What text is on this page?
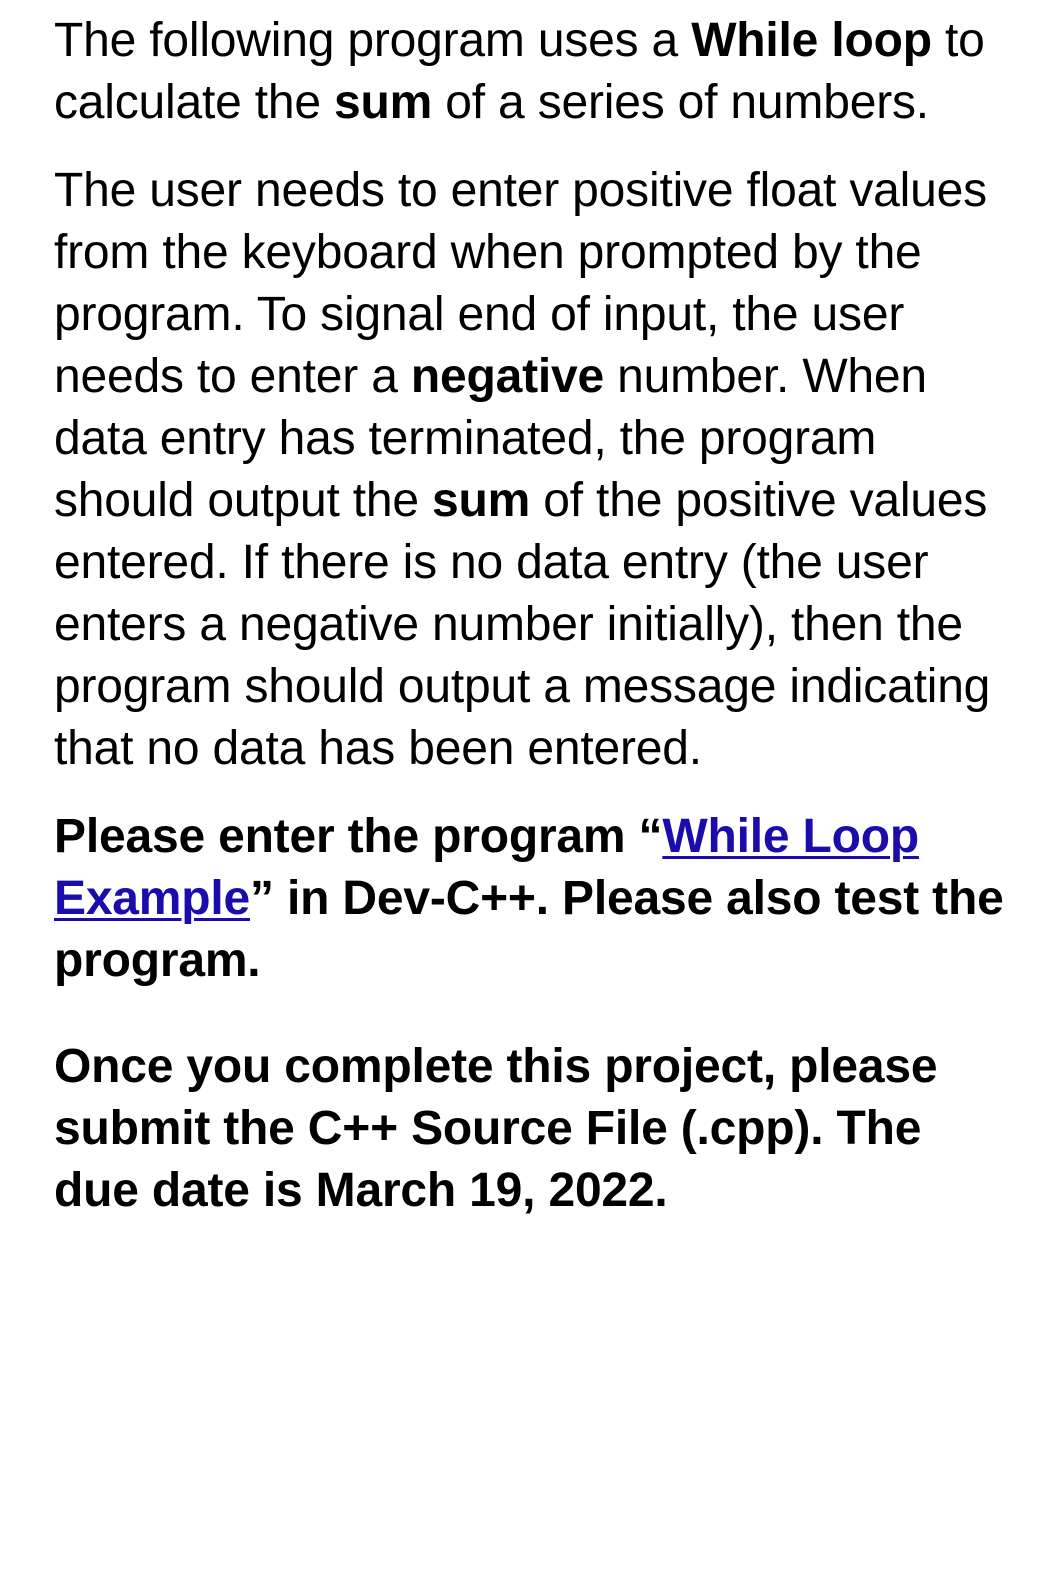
The following program uses a While loop to calculate the sum of a series of numbers.

The user needs to enter positive float values from the keyboard when prompted by the program. To signal end of input, the user needs to enter a negative number. When data entry has terminated, the program should output the sum of the positive values entered. If there is no data entry (the user enters a negative number initially), then the program should output a message indicating that no data has been entered.

Please enter the program “While Loop Example” in Dev-C++. Please also test the program.

Once you complete this project, please submit the C++ Source File (.cpp). The due date is March 19, 2022.
